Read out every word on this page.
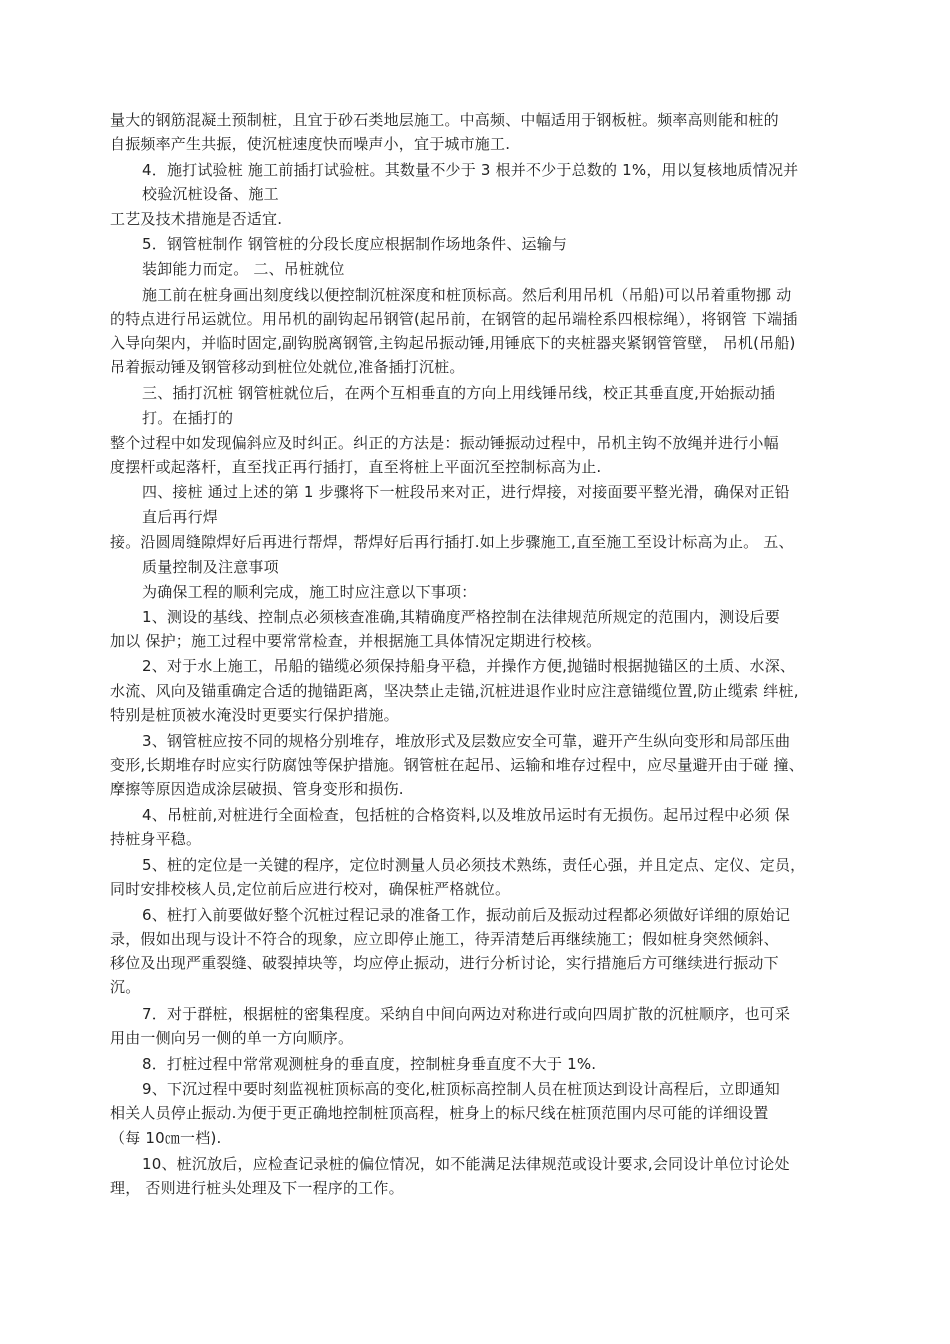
量大的钢筋混凝土预制桩，且宜于砂石类地层施工。中高频、中幅适用于钢板桩。频率高则能和桩的
自振频率产生共振，使沉桩速度快而噪声小，宜于城市施工.
4．施打试验桩 施工前插打试验桩。其数量不少于 3 根并不少于总数的 1%，用以复核地质情况并
校验沉桩设备、施工
工艺及技术措施是否适宜.
5．钢管桩制作 钢管桩的分段长度应根据制作场地条件、运输与
装卸能力而定。 二、吊桩就位
施工前在桩身画出刻度线以便控制沉桩深度和桩顶标高。然后利用吊机（吊船)可以吊着重物挪 动
的特点进行吊运就位。用吊机的副钩起吊钢管(起吊前，在钢管的起吊端栓系四根棕绳），将钢管 下端插
入导向架内，并临时固定,副钩脱离钢管,主钩起吊振动锤,用锤底下的夹桩器夹紧钢管管壁， 吊机(吊船)
吊着振动锤及钢管移动到桩位处就位,准备插打沉桩。
三、插打沉桩 钢管桩就位后，在两个互相垂直的方向上用线锤吊线，校正其垂直度,开始振动插
打。在插打的
整个过程中如发现偏斜应及时纠正。纠正的方法是：振动锤振动过程中，吊机主钩不放绳并进行小幅
度摆杆或起落杆，直至找正再行插打，直至将桩上平面沉至控制标高为止.
四、接桩 通过上述的第 1 步骤将下一桩段吊来对正，进行焊接，对接面要平整光滑，确保对正铅
直后再行焊
接。沿圆周缝隙焊好后再进行帮焊，帮焊好后再行插打.如上步骤施工,直至施工至设计标高为止。 五、
质量控制及注意事项
为确保工程的顺利完成，施工时应注意以下事项：
1、测设的基线、控制点必须核查准确,其精确度严格控制在法律规范所规定的范围内，测设后要
加以 保护；施工过程中要常常检查，并根据施工具体情况定期进行校核。
2、对于水上施工，吊船的锚缆必须保持船身平稳，并操作方便,抛锚时根据抛锚区的土质、水深、
水流、风向及锚重确定合适的抛锚距离，坚决禁止走锚,沉桩进退作业时应注意锚缆位置,防止缆索 绊桩,
特别是桩顶被水淹没时更要实行保护措施。
3、钢管桩应按不同的规格分别堆存，堆放形式及层数应安全可靠，避开产生纵向变形和局部压曲
变形,长期堆存时应实行防腐蚀等保护措施。钢管桩在起吊、运输和堆存过程中，应尽量避开由于碰 撞、
摩擦等原因造成涂层破损、管身变形和损伤.
4、吊桩前,对桩进行全面检查，包括桩的合格资料,以及堆放吊运时有无损伤。起吊过程中必须 保
持桩身平稳。
5、桩的定位是一关键的程序，定位时测量人员必须技术熟练，责任心强，并且定点、定仪、定员，
同时安排校核人员,定位前后应进行校对，确保桩严格就位。
6、桩打入前要做好整个沉桩过程记录的准备工作，振动前后及振动过程都必须做好详细的原始记
录，假如出现与设计不符合的现象，应立即停止施工，待弄清楚后再继续施工；假如桩身突然倾斜、
移位及出现严重裂缝、破裂掉块等，均应停止振动，进行分析讨论，实行措施后方可继续进行振动下
沉。
7．对于群桩，根据桩的密集程度。采纳自中间向两边对称进行或向四周扩散的沉桩顺序，也可采
用由一侧向另一侧的单一方向顺序。
8．打桩过程中常常观测桩身的垂直度，控制桩身垂直度不大于 1%.
9、下沉过程中要时刻监视桩顶标高的变化,桩顶标高控制人员在桩顶达到设计高程后，立即通知
相关人员停止振动.为便于更正确地控制桩顶高程，桩身上的标尺线在桩顶范围内尽可能的详细设置
（每 10㎝一档).
10、桩沉放后，应检查记录桩的偏位情况，如不能满足法律规范或设计要求,会同设计单位讨论处
理， 否则进行桩头处理及下一程序的工作。
